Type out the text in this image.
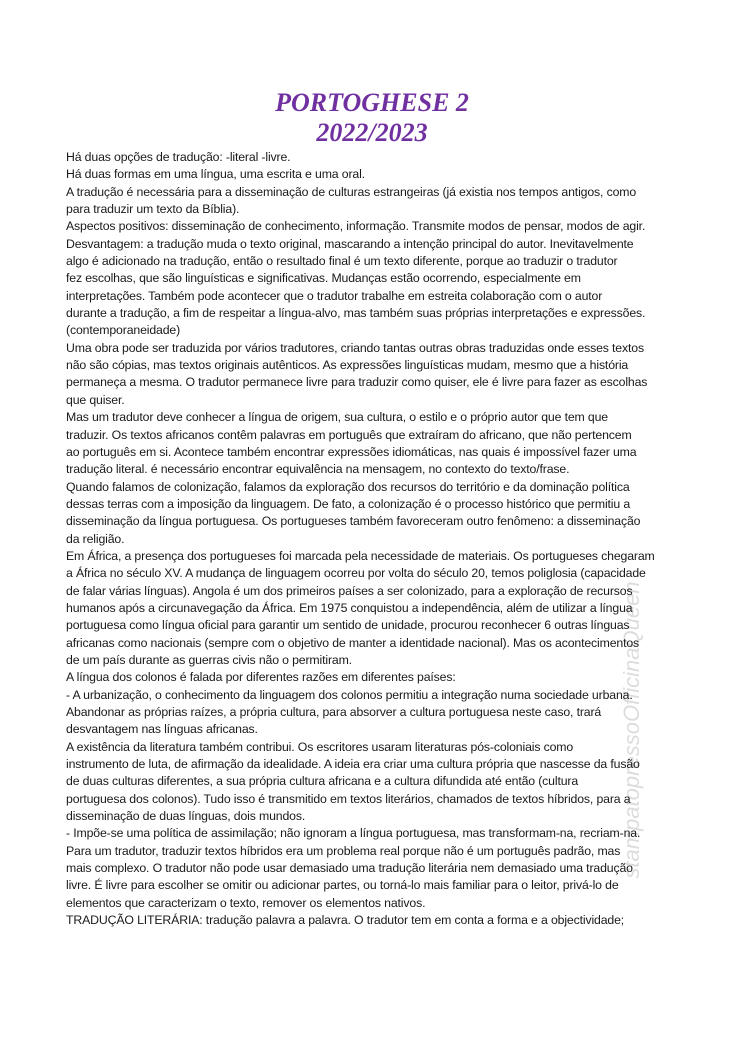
stampatopressoOfficinaQueen
PORTOGHESE 2
2022/2023
Há duas opções de tradução: -literal -livre.
Há duas formas em uma língua, uma escrita e uma oral.
A tradução é necessária para a disseminação de culturas estrangeiras (já existia nos tempos antigos, como
para traduzir um texto da Bíblia).
Aspectos positivos: disseminação de conhecimento, informação. Transmite modos de pensar, modos de agir.
Desvantagem: a tradução muda o texto original, mascarando a intenção principal do autor. Inevitavelmente
algo é adicionado na tradução, então o resultado final é um texto diferente, porque ao traduzir o tradutor
fez escolhas, que são linguísticas e significativas. Mudanças estão ocorrendo, especialmente em
interpretações. Também pode acontecer que o tradutor trabalhe em estreita colaboração com o autor
durante a tradução, a fim de respeitar a língua-alvo, mas também suas próprias interpretações e expressões.
(contemporaneidade)
Uma obra pode ser traduzida por vários tradutores, criando tantas outras obras traduzidas onde esses textos
não são cópias, mas textos originais autênticos. As expressões linguísticas mudam, mesmo que a história
permaneça a mesma. O tradutor permanece livre para traduzir como quiser, ele é livre para fazer as escolhas
que quiser.
Mas um tradutor deve conhecer a língua de origem, sua cultura, o estilo e o próprio autor que tem que
traduzir. Os textos africanos contêm palavras em português que extraíram do africano, que não pertencem
ao português em si. Acontece também encontrar expressões idiomáticas, nas quais é impossível fazer uma
tradução literal. é necessário encontrar equivalência na mensagem, no contexto do texto/frase.
Quando falamos de colonização, falamos da exploração dos recursos do território e da dominação política
dessas terras com a imposição da linguagem. De fato, a colonização é o processo histórico que permitiu a
disseminação da língua portuguesa. Os portugueses também favoreceram outro fenômeno: a disseminação
da religião.
Em África, a presença dos portugueses foi marcada pela necessidade de materiais. Os portugueses chegaram
a África no século XV. A mudança de linguagem ocorreu por volta do século 20, temos poliglosia (capacidade
de falar várias línguas). Angola é um dos primeiros países a ser colonizado, para a exploração de recursos
humanos após a circunavegação da África. Em 1975 conquistou a independência, além de utilizar a língua
portuguesa como língua oficial para garantir um sentido de unidade, procurou reconhecer 6 outras línguas
africanas como nacionais (sempre com o objetivo de manter a identidade nacional). Mas os acontecimentos
de um país durante as guerras civis não o permitiram.
A língua dos colonos é falada por diferentes razões em diferentes países:
- A urbanização, o conhecimento da linguagem dos colonos permitiu a integração numa sociedade urbana.
Abandonar as próprias raízes, a própria cultura, para absorver a cultura portuguesa neste caso, trará
desvantagem nas línguas africanas.
A existência da literatura também contribui. Os escritores usaram literaturas pós-coloniais como
instrumento de luta, de afirmação da idealidade. A ideia era criar uma cultura própria que nascesse da fusão
de duas culturas diferentes, a sua própria cultura africana e a cultura difundida até então (cultura
portuguesa dos colonos). Tudo isso é transmitido em textos literários, chamados de textos híbridos, para a
disseminação de duas línguas, dois mundos.
- Impõe-se uma política de assimilação; não ignoram a língua portuguesa, mas transformam-na, recriam-na.
Para um tradutor, traduzir textos híbridos era um problema real porque não é um português padrão, mas
mais complexo. O tradutor não pode usar demasiado uma tradução literária nem demasiado uma tradução
livre. É livre para escolher se omitir ou adicionar partes, ou torná-lo mais familiar para o leitor, privá-lo de
elementos que caracterizam o texto, remover os elementos nativos.
TRADUÇÃO LITERÁRIA: tradução palavra a palavra. O tradutor tem em conta a forma e a objectividade;
